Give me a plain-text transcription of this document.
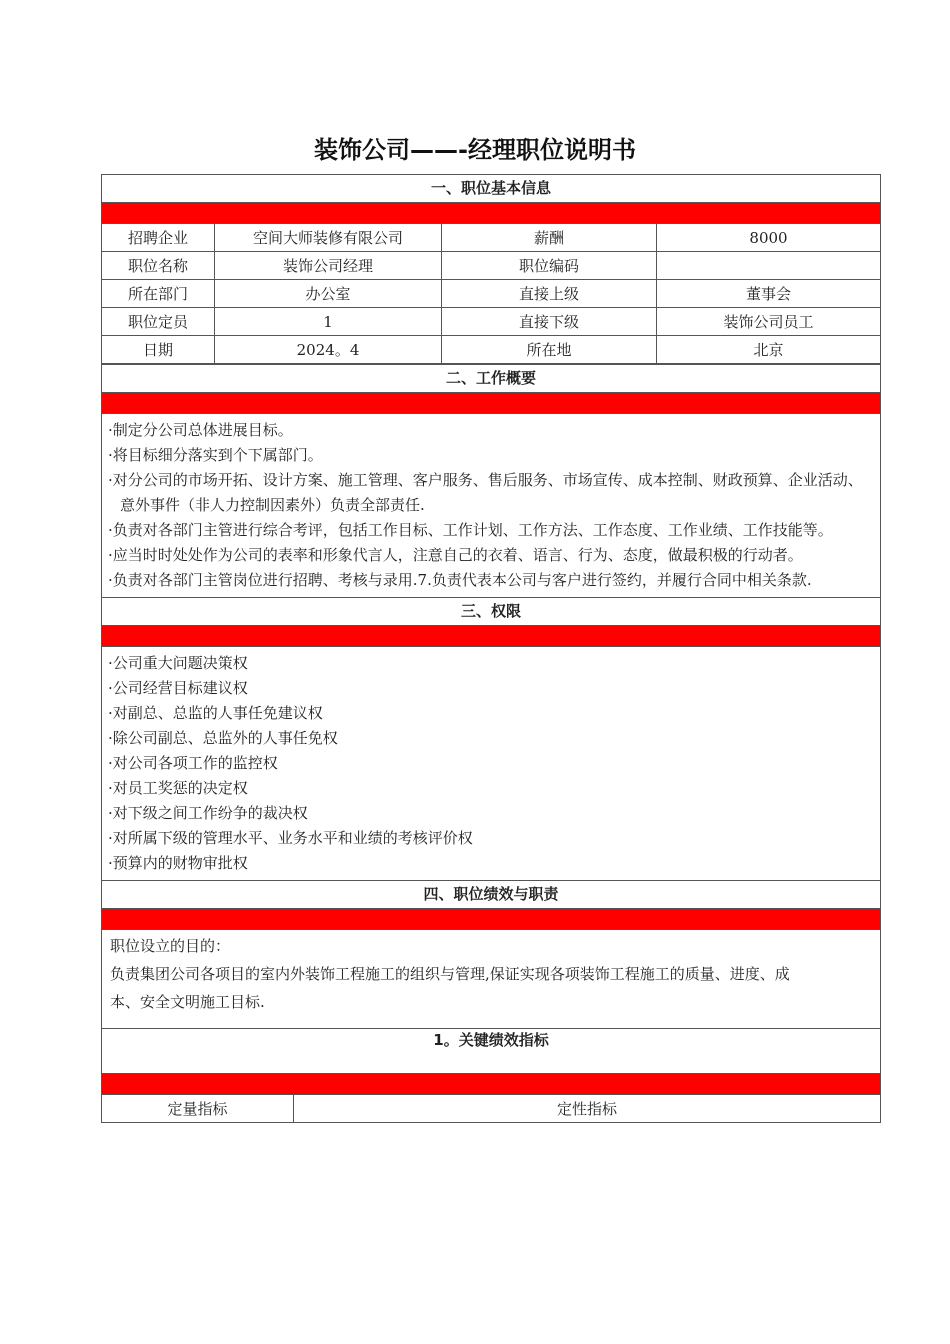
装饰公司——-经理职位说明书
一、职位基本信息
招聘企业	空间大师装修有限公司	薪酬	8000
职位名称	装饰公司经理	职位编码	
所在部门	办公室	直接上级	董事会
职位定员	1	直接下级	装饰公司员工
日期	2024。4	所在地	北京
二、工作概要
·制定分公司总体进展目标。
·将目标细分落实到个下属部门。
·对分公司的市场开拓、设计方案、施工管理、客户服务、售后服务、市场宣传、成本控制、财政预算、企业活动、意外事件（非人力控制因素外）负责全部责任.
·负责对各部门主管进行综合考评，包括工作目标、工作计划、工作方法、工作态度、工作业绩、工作技能等。
·应当时时处处作为公司的表率和形象代言人，注意自己的衣着、语言、行为、态度，做最积极的行动者。
·负责对各部门主管岗位进行招聘、考核与录用.7.负责代表本公司与客户进行签约，并履行合同中相关条款.
三、权限
·公司重大问题决策权
·公司经营目标建议权
·对副总、总监的人事任免建议权
·除公司副总、总监外的人事任免权
·对公司各项工作的监控权
·对员工奖惩的决定权
·对下级之间工作纷争的裁决权
·对所属下级的管理水平、业务水平和业绩的考核评价权
·预算内的财物审批权
四、职位绩效与职责
职位设立的目的：
负责集团公司各项目的室内外装饰工程施工的组织与管理,保证实现各项装饰工程施工的质量、进度、成
本、安全文明施工目标.
1。关键绩效指标
定量指标	定性指标
